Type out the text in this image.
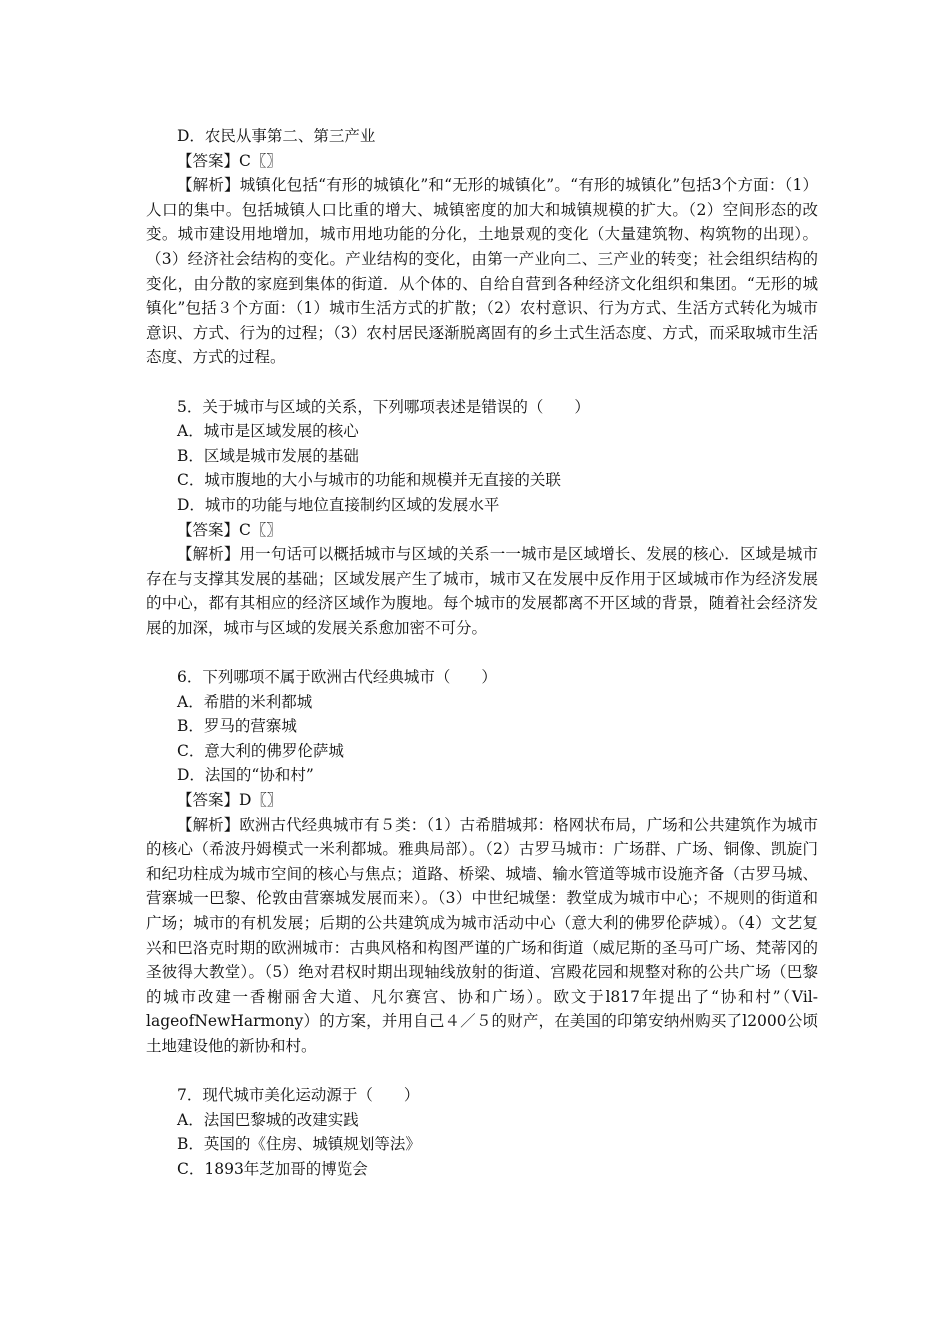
D．农民从事第二、第三产业
【答案】C〖〗
【解析】城镇化包括“有形的城镇化”和“无形的城镇化”。“有形的城镇化”包括3个方面：（1）人口的集中。包括城镇人口比重的增大、城镇密度的加大和城镇规模的扩大。（2）空间形态的改变。城市建设用地增加，城市用地功能的分化，土地景观的变化（大量建筑物、构筑物的出现）。（3）经济社会结构的变化。产业结构的变化，由第一产业向二、三产业的转变；社会组织结构的变化，由分散的家庭到集体的街道．从个体的、自给自营到各种经济文化组织和集团。“无形的城镇化”包括３个方面：（1）城市生活方式的扩散；（2）农村意识、行为方式、生活方式转化为城市意识、方式、行为的过程；（3）农村居民逐渐脱离固有的乡土式生活态度、方式，而采取城市生活态度、方式的过程。
5．关于城市与区域的关系，下列哪项表述是错误的（　　）
A．城市是区域发展的核心
B．区域是城市发展的基础
C．城市腹地的大小与城市的功能和规模并无直接的关联
D．城市的功能与地位直接制约区域的发展水平
【答案】C〖〗
【解析】用一句话可以概括城市与区域的关系一一城市是区域增长、发展的核心．区域是城市存在与支撑其发展的基础；区域发展产生了城市，城市又在发展中反作用于区域城市作为经济发展的中心，都有其相应的经济区域作为腹地。每个城市的发展都离不开区域的背景，随着社会经济发展的加深，城市与区域的发展关系愈加密不可分。
6．下列哪项不属于欧洲古代经典城市（　　）
A．希腊的米利都城
B．罗马的营寨城
C．意大利的佛罗伦萨城
D．法国的“协和村”
【答案】D〖〗
【解析】欧洲古代经典城市有５类：（1）古希腊城邦：格网状布局，广场和公共建筑作为城市的核心（希波丹姆模式一米利都城。雅典局部）。（2）古罗马城市：广场群、广场、铜像、凯旋门和纪功柱成为城市空间的核心与焦点；道路、桥梁、城墙、输水管道等城市设施齐备（古罗马城、营寨城一巴黎、伦敦由营寨城发展而来）。（3）中世纪城堡：教堂成为城市中心；不规则的街道和广场；城市的有机发展；后期的公共建筑成为城市活动中心（意大利的佛罗伦萨城）。（4）文艺复兴和巴洛克时期的欧洲城市：古典风格和构图严谨的广场和街道（威尼斯的圣马可广场、梵蒂冈的圣彼得大教堂）。（5）绝对君权时期出现轴线放射的街道、宫殿花园和规整对称的公共广场（巴黎的城市改建一香榭丽舍大道、凡尔赛宫、协和广场）。欧文于l817年提出了“协和村”（Vil-lageofNewHarmony）的方案，并用自己４／５的财产，在美国的印第安纳州购买了l2000公顷土地建设他的新协和村。
7．现代城市美化运动源于（　　）
A．法国巴黎城的改建实践
B．英国的《住房、城镇规划等法》
C．1893年芝加哥的博览会
